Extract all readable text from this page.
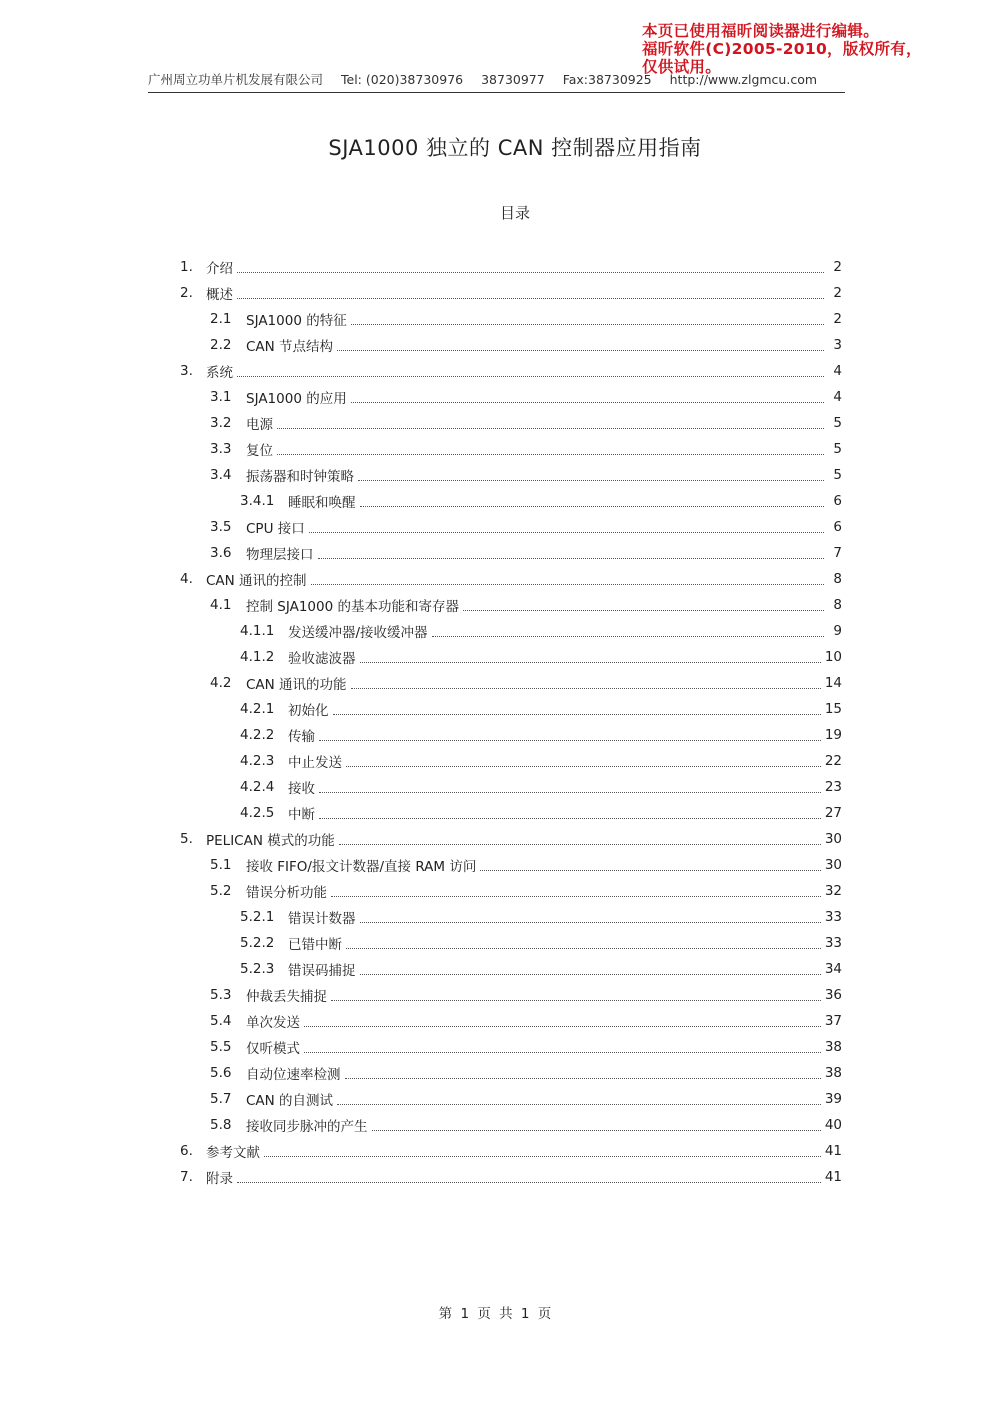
本页已使用福昕阅读器进行编辑。
福昕软件(C)2005-2010，版权所有，
仅供试用。
广州周立功单片机发展有限公司 Tel: (020)38730976 38730977 Fax:38730925 http://www.zlgmcu.com
SJA1000 独立的 CAN 控制器应用指南
目录
1. 介绍	2
2. 概述	2
2.1 SJA1000 的特征	2
2.2 CAN 节点结构	3
3. 系统	4
3.1 SJA1000 的应用	4
3.2 电源	5
3.3 复位	5
3.4 振荡器和时钟策略	5
3.4.1 睡眠和唤醒	6
3.5 CPU 接口	6
3.6 物理层接口	7
4. CAN 通讯的控制	8
4.1 控制 SJA1000 的基本功能和寄存器	8
4.1.1 发送缓冲器/接收缓冲器	9
4.1.2 验收滤波器	10
4.2 CAN 通讯的功能	14
4.2.1 初始化	15
4.2.2 传输	19
4.2.3 中止发送	22
4.2.4 接收	23
4.2.5 中断	27
5. PELICAN 模式的功能	30
5.1 接收 FIFO/报文计数器/直接 RAM 访问	30
5.2 错误分析功能	32
5.2.1 错误计数器	33
5.2.2 已错中断	33
5.2.3 错误码捕捉	34
5.3 仲裁丢失捕捉	36
5.4 单次发送	37
5.5 仅听模式	38
5.6 自动位速率检测	38
5.7 CAN 的自测试	39
5.8 接收同步脉冲的产生	40
6. 参考文献	41
7. 附录	41
第 1 页 共 1 页
